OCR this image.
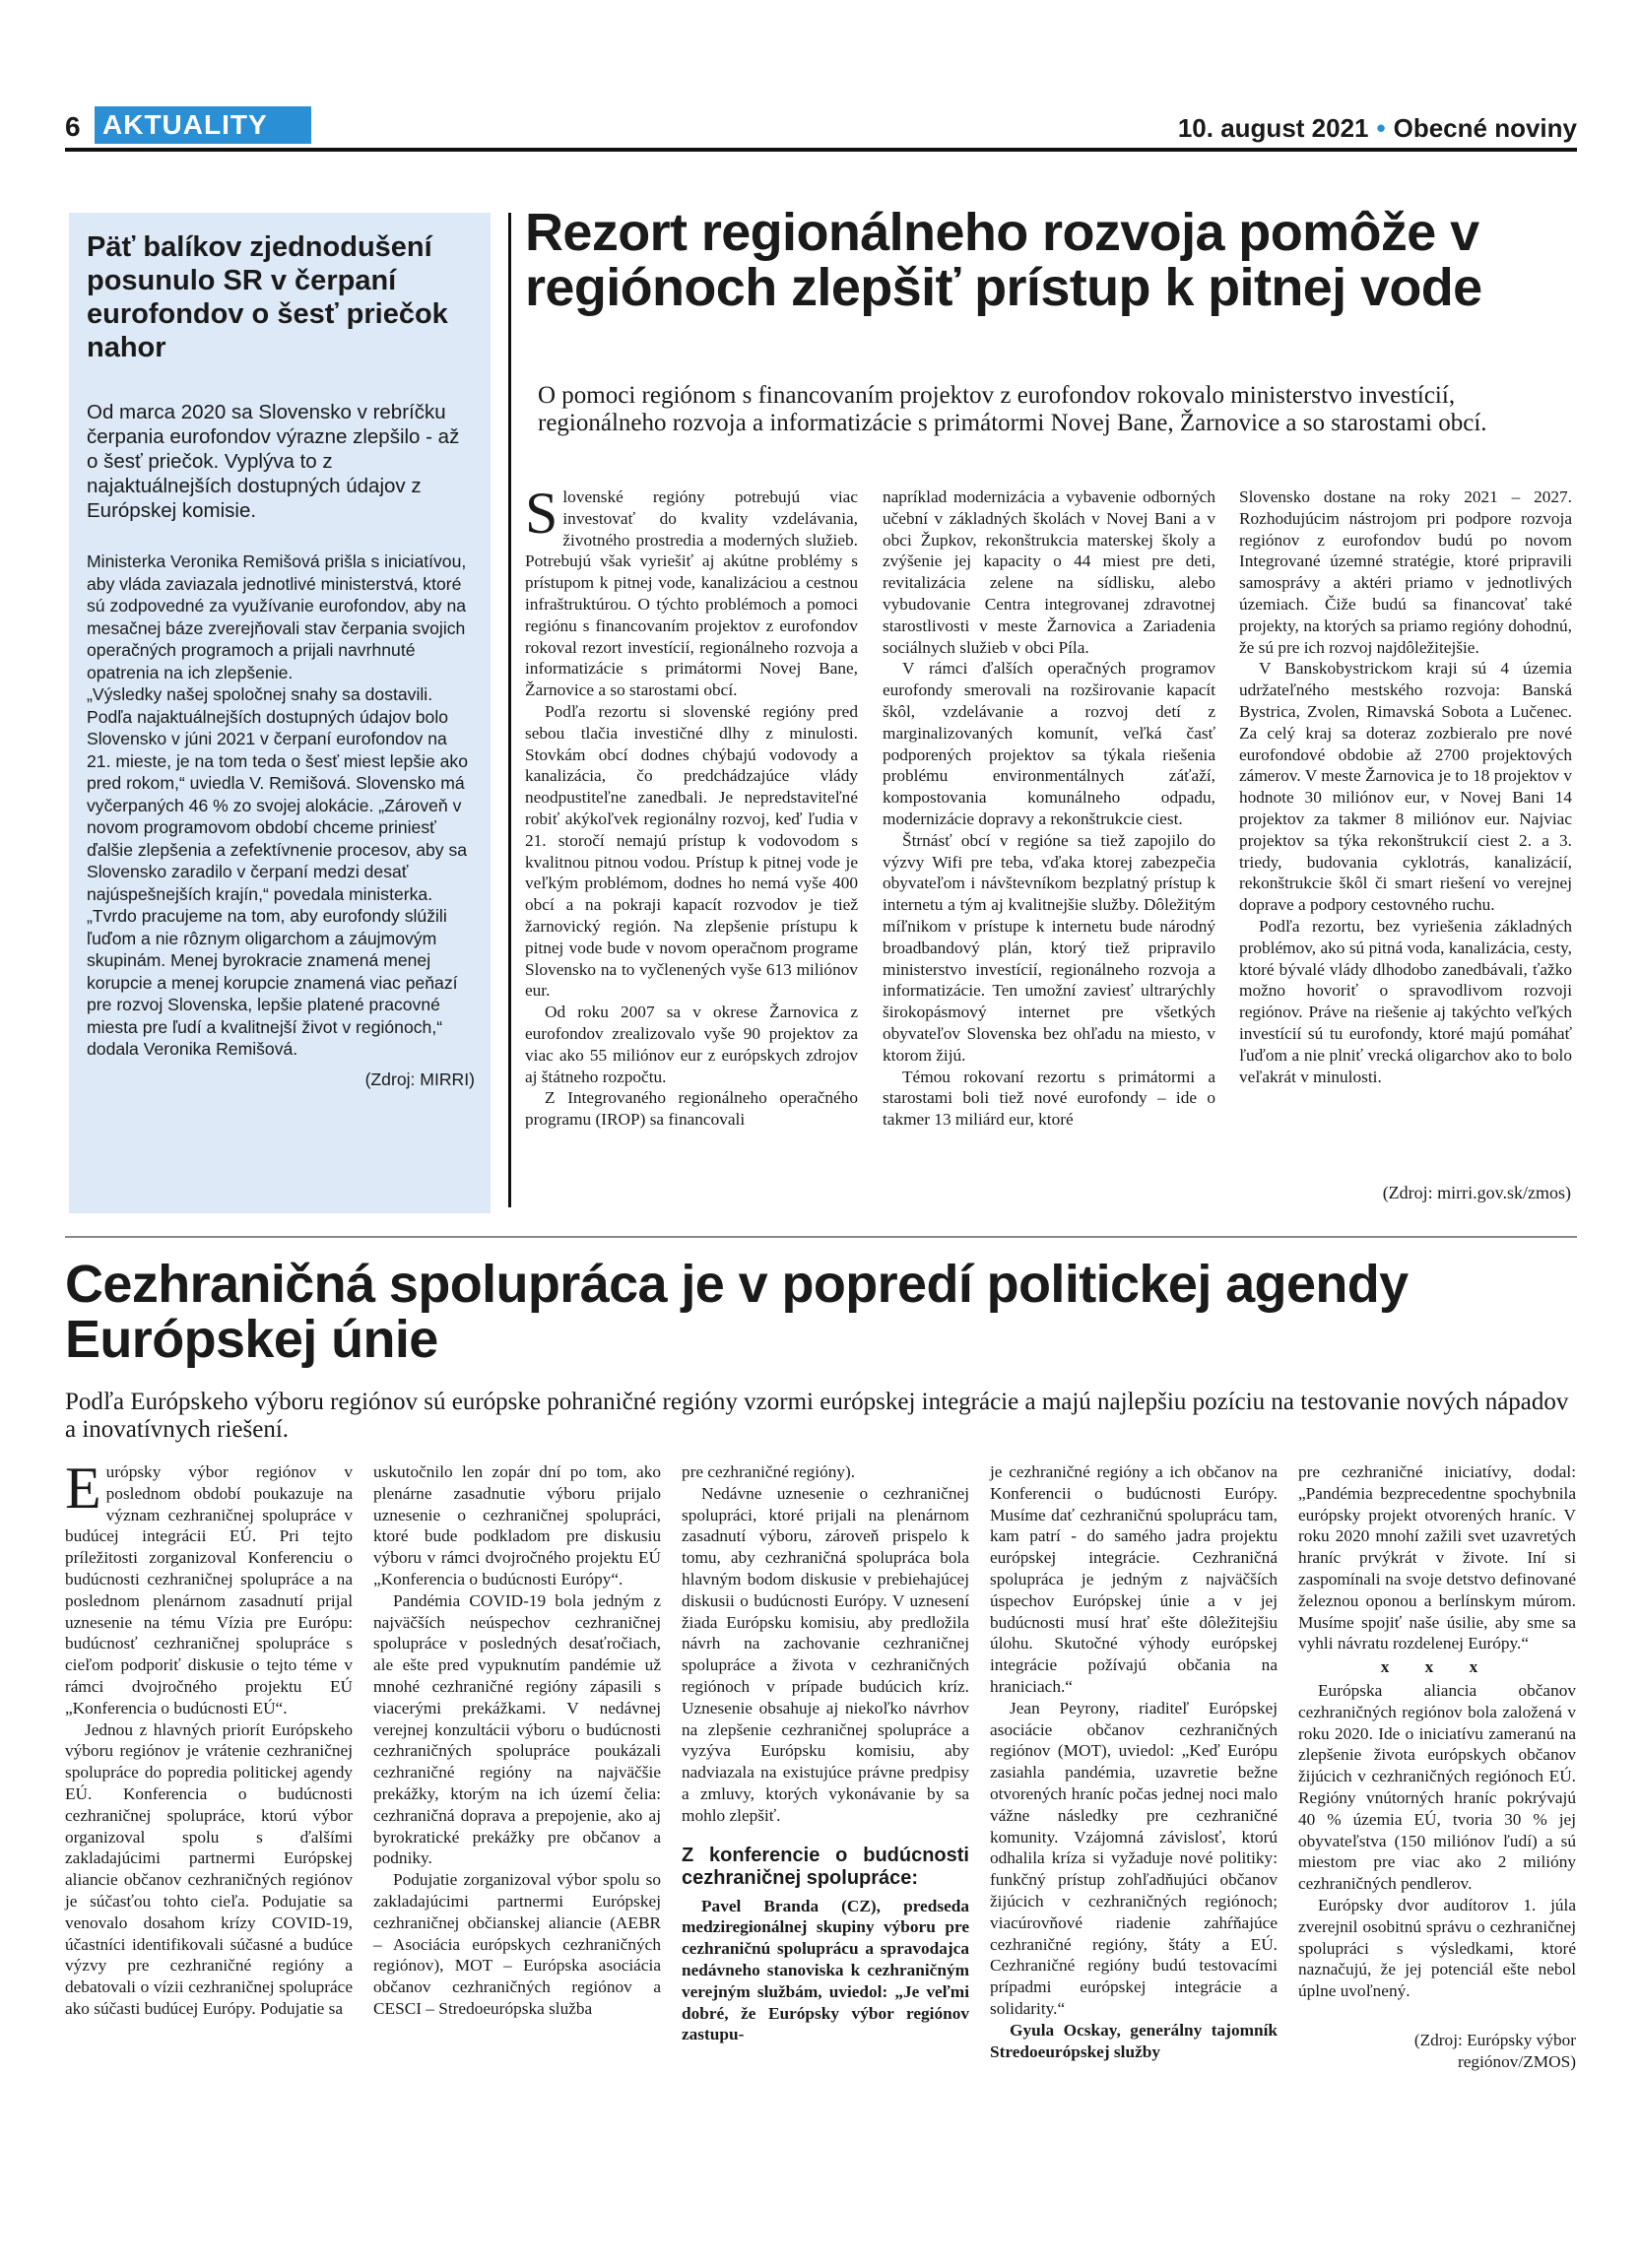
6 AKTUALITY	10. august 2021 • Obecné noviny
Päť balíkov zjednodušení posunulo SR v čerpaní eurofondov o šesť priečok nahor

Od marca 2020 sa Slovensko v rebríčku čerpania eurofondov výrazne zlepšilo - až o šesť priečok. Vyplýva to z najaktuálnejších dostupných údajov z Európskej komisie.

Ministerka Veronika Remišová prišla s iniciatívou, aby vláda zaviazala jednotlivé ministerstvá, ktoré sú zodpovedné za využívanie eurofondov, aby na mesačnej báze zverejňovali stav čerpania svojich operačných programoch a prijali navrhnuté opatrenia na ich zlepšenie.

„Výsledky našej spoločnej snahy sa dostavili. Podľa najaktuálnejších dostupných údajov bolo Slovensko v júni 2021 v čerpaní eurofondov na 21. mieste, je na tom teda o šesť miest lepšie ako pred rokom,“ uviedla V. Remišová. Slovensko má vyčerpaných 46 % zo svojej alokácie. „Zároveň v novom programovom období chceme priniesť ďalšie zlepšenia a zefektívnenie procesov, aby sa Slovensko zaradilo v čerpaní medzi desať najúspešnejších krajín,“ povedala ministerka.

„Tvrdo pracujeme na tom, aby eurofondy slúžili ľuďom a nie rôznym oligarchom a záujmovým skupinám. Menej byrokracie znamená menej korupcie a menej korupcie znamená viac peňazí pre rozvoj Slovenska, lepšie platené pracovné miesta pre ľudí a kvalitnejší život v regiónoch,“ dodala Veronika Remišová.

(Zdroj: MIRRI)
Rezort regionálneho rozvoja pomôže v regiónoch zlepšiť prístup k pitnej vode

O pomoci regiónom s financovaním projektov z eurofondov rokovalo ministerstvo investícií, regionálneho rozvoja a informatizácie s primátormi Novej Bane, Žarnovice a so starostami obcí.

Slovenské regióny potrebujú viac investovať do kvality vzdelávania, životného prostredia a moderných služieb. Potrebujú však vyriešiť aj akútne problémy s prístupom k pitnej vode, kanalizáciou a cestnou infraštruktúrou. O týchto problémoch a pomoci regiónu s financovaním projektov z eurofondov rokoval rezort investícií, regionálneho rozvoja a informatizácie s primátormi Novej Bane, Žarnovice a so starostami obcí.

Podľa rezortu si slovenské regióny pred sebou tlačia investičné dlhy z minulosti. Stovkám obcí dodnes chýbajú vodovody a kanalizácia, čo predchádzajúce vlády neodpustiteľne zanedbali. Je nepredstaviteľné robiť akýkoľvek regionálny rozvoj, keď ľudia v 21. storočí nemajú prístup k vodovodom s kvalitnou pitnou vodou. Prístup k pitnej vode je veľkým problémom, dodnes ho nemá vyše 400 obcí a na pokraji kapacít rozvodov je tiež žarnovický región. Na zlepšenie prístupu k pitnej vode bude v novom operačnom programe Slovensko na to vyčlenených vyše 613 miliónov eur.

Od roku 2007 sa v okrese Žarnovica z eurofondov zrealizovalo vyše 90 projektov za viac ako 55 miliónov eur z európskych zdrojov aj štátneho rozpočtu.

Z Integrovaného regionálneho operačného programu (IROP) sa financovali

napríklad modernizácia a vybavenie odborných učební v základných školách v Novej Bani a v obci Župkov, rekonštrukcia materskej školy a zvýšenie jej kapacity o 44 miest pre deti, revitalizácia zelene na sídlisku, alebo vybudovanie Centra integrovanej zdravotnej starostlivosti v meste Žarnovica a Zariadenia sociálnych služieb v obci Píla.

V rámci ďalších operačných programov eurofondy smerovali na rozširovanie kapacít škôl, vzdelávanie a rozvoj detí z marginalizovaných komunít, veľká časť podporených projektov sa týkala riešenia problému environmentálnych záťaží, kompostovania komunálneho odpadu, modernizácie dopravy a rekonštrukcie ciest.

Štrnásť obcí v regióne sa tiež zapojilo do výzvy Wifi pre teba, vďaka ktorej zabezpečia obyvateľom i návštevníkom bezplatný prístup k internetu a tým aj kvalitnejšie služby. Dôležitým míľnikom v prístupe k internetu bude národný broadbandový plán, ktorý tiež pripravilo ministerstvo investícií, regionálneho rozvoja a informatizácie. Ten umožní zaviesť ultrarýchly širokopásmový internet pre všetkých obyvateľov Slovenska bez ohľadu na miesto, v ktorom žijú.

Témou rokovaní rezortu s primátormi a starostami boli tiež nové eurofondy – ide o takmer 13 miliárd eur, ktoré

Slovensko dostane na roky 2021 – 2027. Rozhodujúcim nástrojom pri podpore rozvoja regiónov z eurofondov budú po novom Integrované územné stratégie, ktoré pripravili samosprávy a aktéri priamo v jednotlivých územiach. Čiže budú sa financovať také projekty, na ktorých sa priamo regióny dohodnú, že sú pre ich rozvoj najdôležitejšie.

V Banskobystrickom kraji sú 4 územia udržateľného mestského rozvoja: Banská Bystrica, Zvolen, Rimavská Sobota a Lučenec. Za celý kraj sa doteraz zozbieralo pre nové eurofondové obdobie až 2700 projektových zámerov. V meste Žarnovica je to 18 projektov v hodnote 30 miliónov eur, v Novej Bani 14 projektov za takmer 8 miliónov eur. Najviac projektov sa týka rekonštrukcií ciest 2. a 3. triedy, budovania cyklotrás, kanalizácií, rekonštrukcie škôl či smart riešení vo verejnej doprave a podpory cestovného ruchu.

Podľa rezortu, bez vyriešenia základných problémov, ako sú pitná voda, kanalizácia, cesty, ktoré bývalé vlády dlhodobo zanedbávali, ťažko možno hovoriť o spravodlivom rozvoji regiónov. Práve na riešenie aj takýchto veľkých investícií sú tu eurofondy, ktoré majú pomáhať ľuďom a nie plniť vrecká oligarchov ako to bolo veľakrát v minulosti.

(Zdroj: mirri.gov.sk/zmos)
Cezhraničná spolupráca je v popredí politickej agendy Európskej únie

Podľa Európskeho výboru regiónov sú európske pohraničné regióny vzormi európskej integrácie a majú najlepšiu pozíciu na testovanie nových nápadov a inovatívnych riešení.

Európsky výbor regiónov v poslednom období poukazuje na význam cezhraničnej spolupráce v budúcej integrácii EÚ. Pri tejto príležitosti zorganizoval Konferenciu o budúcnosti cezhraničnej spolupráce a na poslednom plenárnom zasadnutí prijal uznesenie na tému Vízia pre Európu: budúcnosť cezhraničnej spolupráce s cieľom podporiť diskusie o tejto téme v rámci dvojročného projektu EÚ „Konferencia o budúcnosti EÚ“.

Jednou z hlavných priorít Európskeho výboru regiónov je vrátenie cezhraničnej spolupráce do popredia politickej agendy EÚ. Konferencia o budúcnosti cezhraničnej spolupráce, ktorú výbor organizoval spolu s ďalšími zakladajúcimi partnermi Európskej aliancie občanov cezhraničných regiónov je súčasťou tohto cieľa. Podujatie sa venovalo dosahom krízy COVID-19, účastníci identifikovali súčasné a budúce výzvy pre cezhraničné regióny a debatovali o vízii cezhraničnej spolupráce ako súčasti budúcej Európy. Podujatie sa

uskutočnilo len zopár dní po tom, ako plenárne zasadnutie výboru prijalo uznesenie o cezhraničnej spolupráci, ktoré bude podkladom pre diskusiu výboru v rámci dvojročného projektu EÚ „Konferencia o budúcnosti Európy“.

Pandémia COVID-19 bola jedným z najväčších neúspechov cezhraničnej spolupráce v posledných desaťročiach, ale ešte pred vypuknutím pandémie už mnohé cezhraničné regióny zápasili s viacerými prekážkami. V nedávnej verejnej konzultácii výboru o budúcnosti cezhraničných spolupráce poukázali cezhraničné regióny na najväčšie prekážky, ktorým na ich území čelia: cezhraničná doprava a prepojenie, ako aj byrokratické prekážky pre občanov a podniky.

Podujatie zorganizoval výbor spolu so zakladajúcimi partnermi Európskej cezhraničnej občianskej aliancie (AEBR – Asociácia európskych cezhraničných regiónov), MOT – Európska asociácia občanov cezhraničných regiónov a CESCI – Stredoeurópska služba

pre cezhraničné regióny).

Nedávne uznesenie o cezhraničnej spolupráci, ktoré prijali na plenárnom zasadnutí výboru, zároveň prispelo k tomu, aby cezhraničná spolupráca bola hlavným bodom diskusie v prebiehajúcej diskusii o budúcnosti Európy. V uznesení žiada Európsku komisiu, aby predložila návrh na zachovanie cezhraničnej spolupráce a života v cezhraničných regiónoch v prípade budúcich kríz. Uznesenie obsahuje aj niekoľko návrhov na zlepšenie cezhraničnej spolupráce a vyzýva Európsku komisiu, aby nadviazala na existujúce právne predpisy a zmluvy, ktorých vykonávanie by sa mohlo zlepšiť.

Z konferencie o budúcnosti cezhraničnej spolupráce:

Pavel Branda (CZ), predseda medziregionálnej skupiny výboru pre cezhraničnú spoluprácu a spravodajca nedávneho stanoviska k cezhraničným verejným službám, uviedol: „Je veľmi dobré, že Európsky výbor regiónov zastupu-

je cezhraničné regióny a ich občanov na Konferencii o budúcnosti Európy. Musíme dať cezhraničnú spoluprácu tam, kam patrí - do samého jadra projektu európskej integrácie. Cezhraničná spolupráca je jedným z najväčších úspechov Európskej únie a v jej budúcnosti musí hrať ešte dôležitejšiu úlohu. Skutočné výhody európskej integrácie požívajú občania na hraniciach.“

Jean Peyrony, riaditeľ Európskej asociácie občanov cezhraničných regiónov (MOT), uviedol: „Keď Európu zasiahla pandémia, uzavretie bežne otvorených hraníc počas jednej noci malo vážne následky pre cezhraničné komunity. Vzájomná závislosť, ktorú odhalila kríza si vyžaduje nové politiky: funkčný prístup zohľadňujúci občanov žijúcich v cezhraničných regiónoch; viacúrovňové riadenie zahŕňajúce cezhraničné regióny, štáty a EÚ. Cezhraničné regióny budú testovacími prípadmi európskej integrácie a solidarity.“

Gyula Ocskay, generálny tajomník Stredoeurópskej služby

pre cezhraničné iniciatívy, dodal: „Pandémia bezprecedentne spochybnila európsky projekt otvorených hraníc. V roku 2020 mnohí zažili svet uzavretých hraníc prvýkrát v živote. Iní si zaspomínali na svoje detstvo definované železnou oponou a berlínskym múrom. Musíme spojiť naše úsilie, aby sme sa vyhli návratu rozdelenej Európy.“

x x x

Európska aliancia občanov cezhraničných regiónov bola založená v roku 2020. Ide o iniciatívu zameranú na zlepšenie života európskych občanov žijúcich v cezhraničných regiónoch EÚ. Regióny vnútorných hraníc pokrývajú 40 % územia EÚ, tvoria 30 % jej obyvateľstva (150 miliónov ľudí) a sú miestom pre viac ako 2 milióny cezhraničných pendlerov.

Európsky dvor audítorov 1. júla zverejnil osobitnú správu o cezhraničnej spolupráci s výsledkami, ktoré naznačujú, že jej potenciál ešte nebol úplne uvoľnený.

(Zdroj: Európsky výbor regiónov/ZMOS)
